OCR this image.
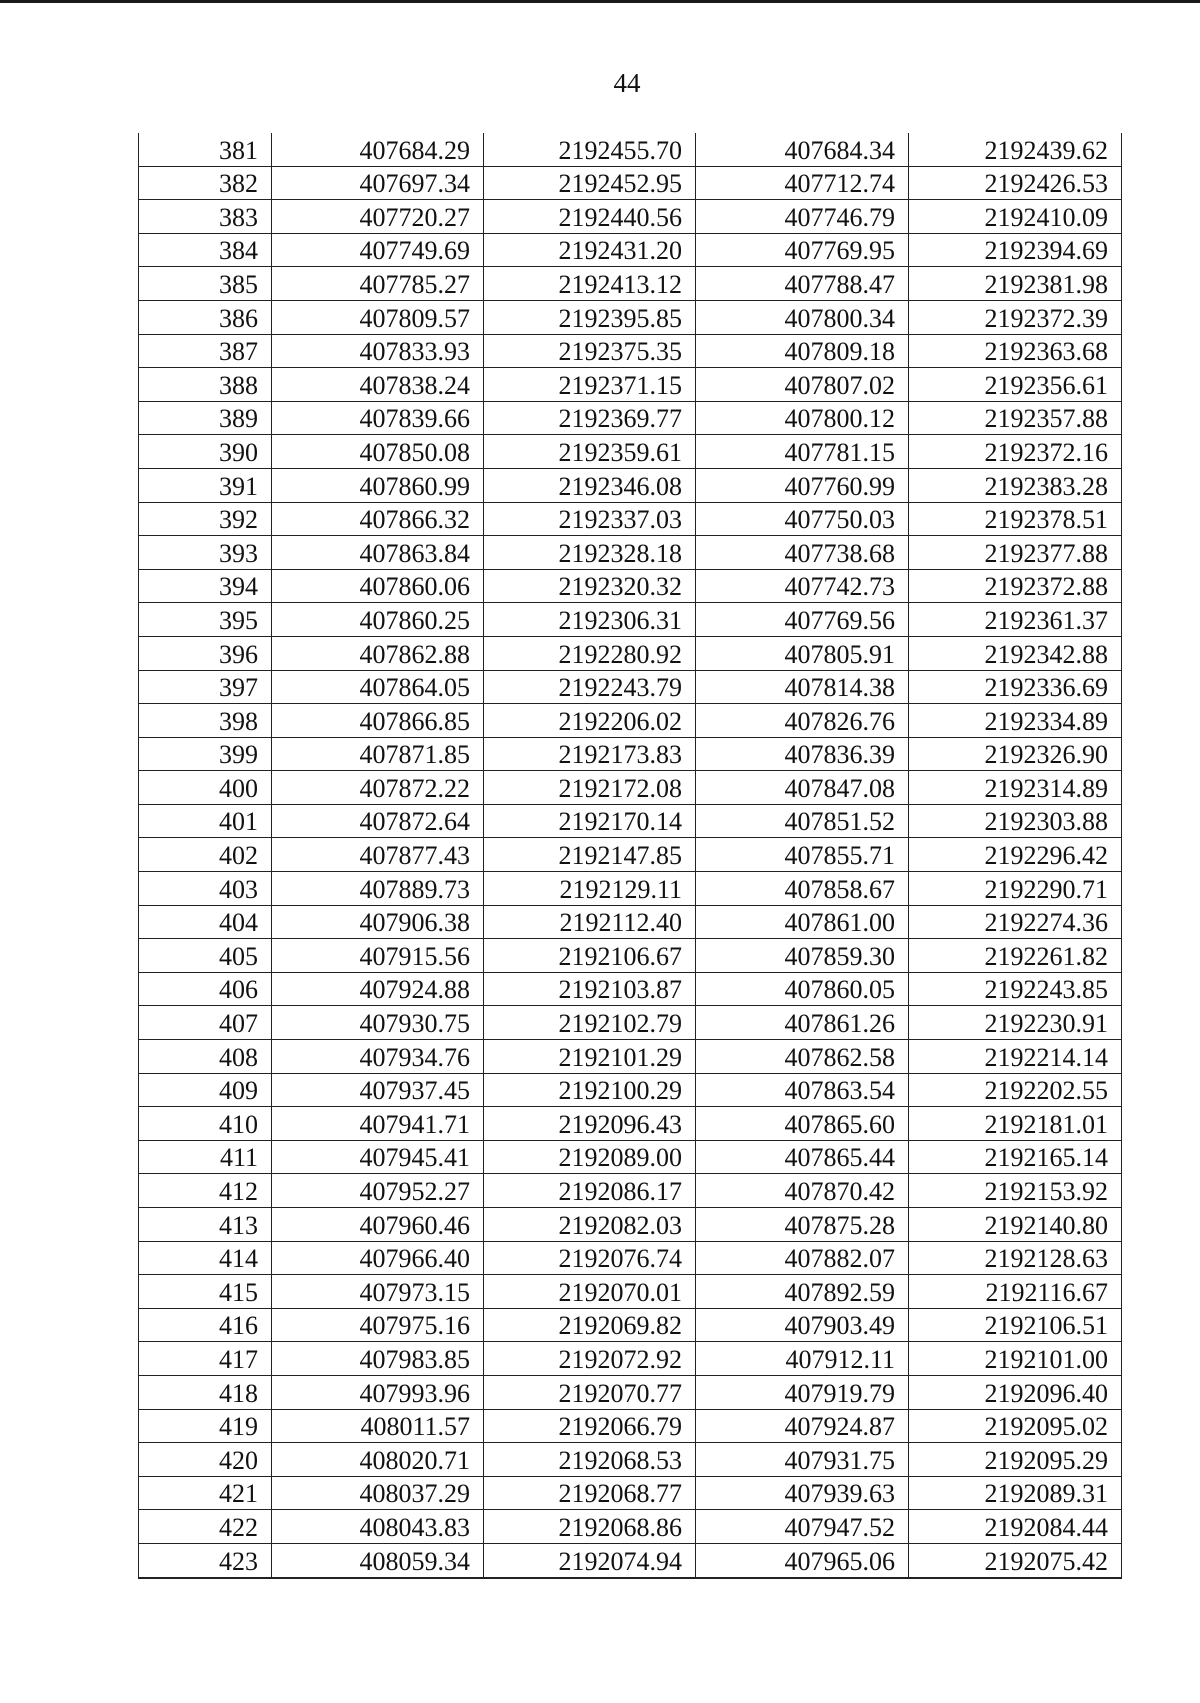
44
381	407684.29	2192455.70	407684.34	2192439.62
382	407697.34	2192452.95	407712.74	2192426.53
383	407720.27	2192440.56	407746.79	2192410.09
384	407749.69	2192431.20	407769.95	2192394.69
385	407785.27	2192413.12	407788.47	2192381.98
386	407809.57	2192395.85	407800.34	2192372.39
387	407833.93	2192375.35	407809.18	2192363.68
388	407838.24	2192371.15	407807.02	2192356.61
389	407839.66	2192369.77	407800.12	2192357.88
390	407850.08	2192359.61	407781.15	2192372.16
391	407860.99	2192346.08	407760.99	2192383.28
392	407866.32	2192337.03	407750.03	2192378.51
393	407863.84	2192328.18	407738.68	2192377.88
394	407860.06	2192320.32	407742.73	2192372.88
395	407860.25	2192306.31	407769.56	2192361.37
396	407862.88	2192280.92	407805.91	2192342.88
397	407864.05	2192243.79	407814.38	2192336.69
398	407866.85	2192206.02	407826.76	2192334.89
399	407871.85	2192173.83	407836.39	2192326.90
400	407872.22	2192172.08	407847.08	2192314.89
401	407872.64	2192170.14	407851.52	2192303.88
402	407877.43	2192147.85	407855.71	2192296.42
403	407889.73	2192129.11	407858.67	2192290.71
404	407906.38	2192112.40	407861.00	2192274.36
405	407915.56	2192106.67	407859.30	2192261.82
406	407924.88	2192103.87	407860.05	2192243.85
407	407930.75	2192102.79	407861.26	2192230.91
408	407934.76	2192101.29	407862.58	2192214.14
409	407937.45	2192100.29	407863.54	2192202.55
410	407941.71	2192096.43	407865.60	2192181.01
411	407945.41	2192089.00	407865.44	2192165.14
412	407952.27	2192086.17	407870.42	2192153.92
413	407960.46	2192082.03	407875.28	2192140.80
414	407966.40	2192076.74	407882.07	2192128.63
415	407973.15	2192070.01	407892.59	2192116.67
416	407975.16	2192069.82	407903.49	2192106.51
417	407983.85	2192072.92	407912.11	2192101.00
418	407993.96	2192070.77	407919.79	2192096.40
419	408011.57	2192066.79	407924.87	2192095.02
420	408020.71	2192068.53	407931.75	2192095.29
421	408037.29	2192068.77	407939.63	2192089.31
422	408043.83	2192068.86	407947.52	2192084.44
423	408059.34	2192074.94	407965.06	2192075.42
